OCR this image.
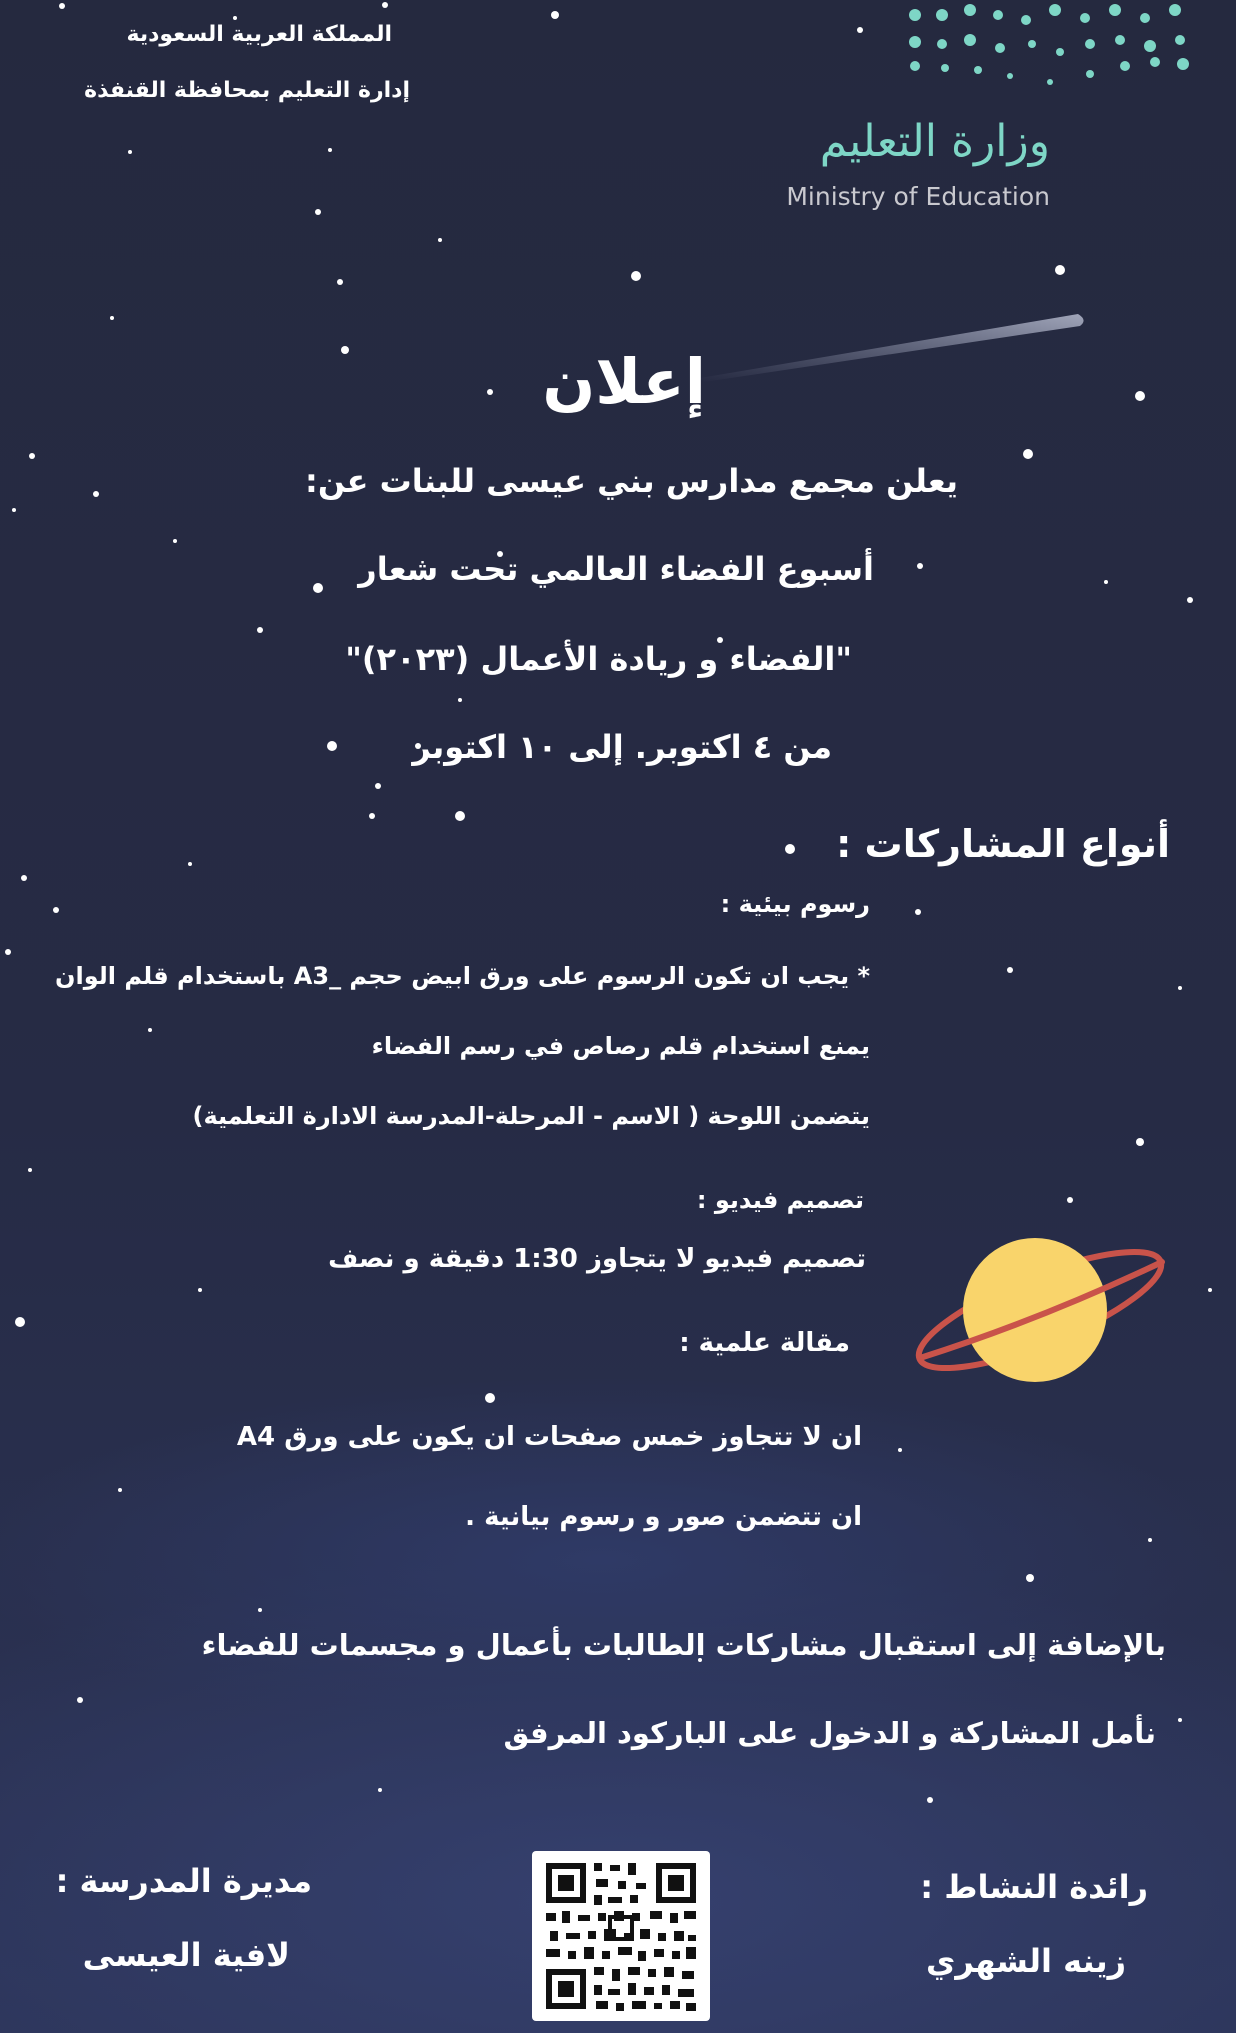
وزارة التعليم
Ministry of Education
المملكة العربية السعودية
إدارة التعليم بمحافظة القنفذة
إعلان
يعلن مجمع مدارس بني عيسى للبنات عن:
أسبوع الفضاء العالمي تحت شعار
"الفضاء و ريادة الأعمال (٢٠٢٣)"
من ٤ اكتوبر. إلى ١٠ اكتوبر
أنواع المشاركات :
رسوم بيئية :
* يجب ان تكون الرسوم على ورق ابيض حجم _A3 باستخدام قلم الوان
يمنع استخدام قلم رصاص في رسم الفضاء
يتضمن اللوحة ( الاسم - المرحلة-المدرسة الادارة التعلمية)
تصميم فيديو :
تصميم فيديو لا يتجاوز 1:30 دقيقة و نصف
مقالة علمية :
ان لا تتجاوز خمس صفحات ان يكون على ورق A4
ان تتضمن صور و رسوم بيانية .
بالإضافة إلى استقبال مشاركات الطالبات بأعمال و مجسمات للفضاء
نأمل المشاركة و الدخول على الباركود المرفق
رائدة النشاط :
زينه الشهري
مديرة المدرسة :
لافية العيسى
